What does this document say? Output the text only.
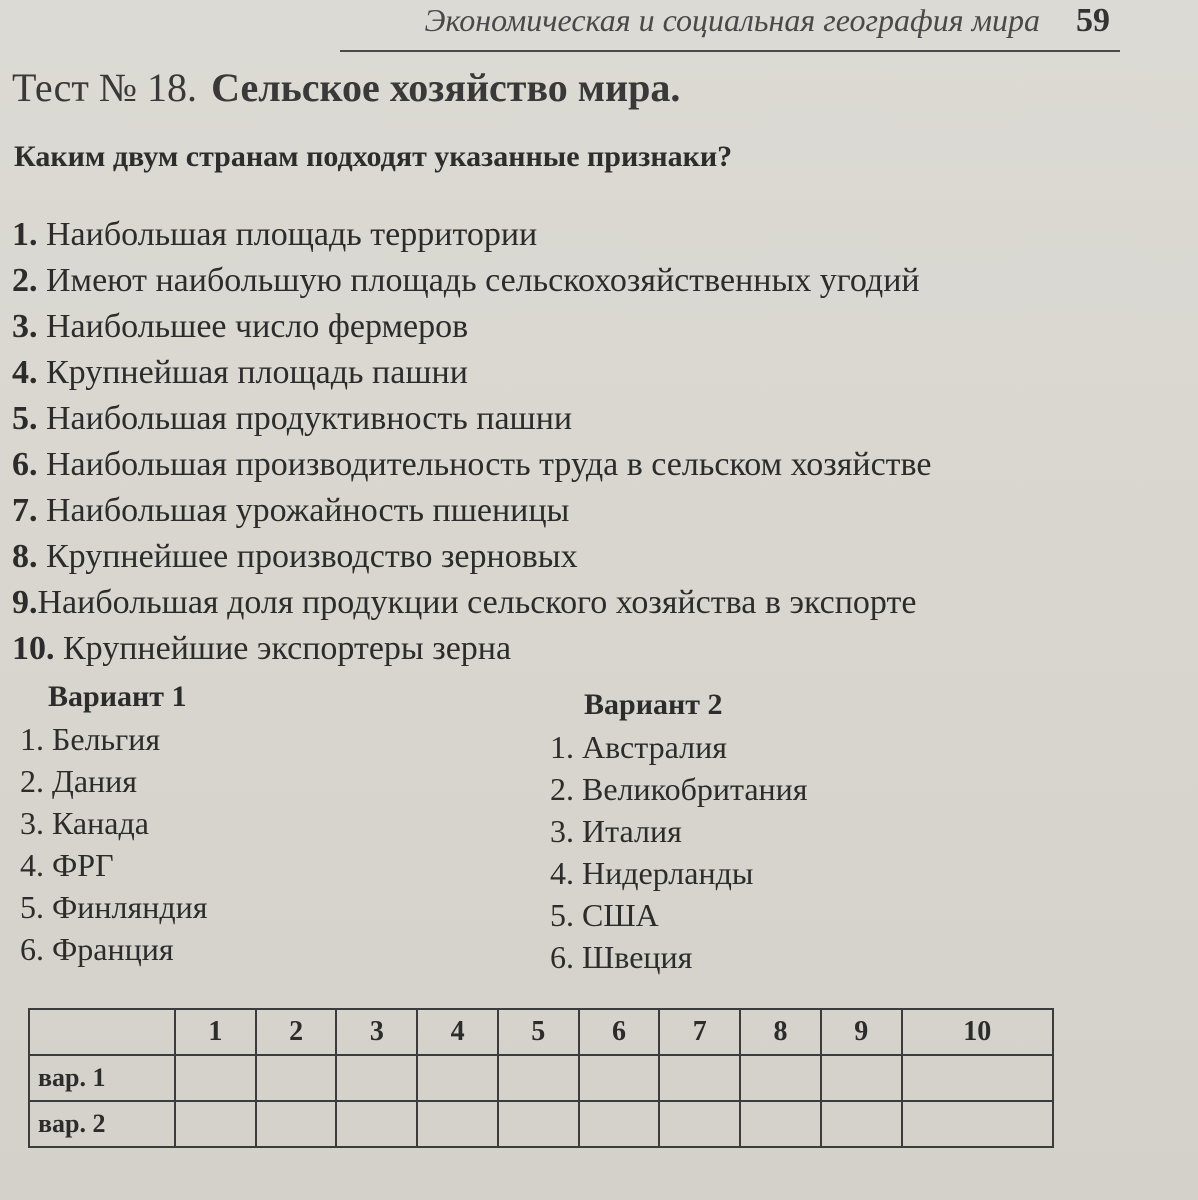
Экономическая и социальная география мира 59
Тест № 18. Сельское хозяйство мира.
Каким двум странам подходят указанные признаки?
1. Наибольшая площадь территории
2. Имеют наибольшую площадь сельскохозяйственных угодий
3. Наибольшее число фермеров
4. Крупнейшая площадь пашни
5. Наибольшая продуктивность пашни
6. Наибольшая производительность труда в сельском хозяйстве
7. Наибольшая урожайность пшеницы
8. Крупнейшее производство зерновых
9.Наибольшая доля продукции сельского хозяйства в экспорте
10. Крупнейшие экспортеры зерна
Вариант 1
1. Бельгия
2. Дания
3. Канада
4. ФРГ
5. Финляндия
6. Франция
Вариант 2
1. Австралия
2. Великобритания
3. Италия
4. Нидерланды
5. США
6. Швеция
	1	2	3	4	5	6	7	8	9	10
вар. 1										
вар. 2										
